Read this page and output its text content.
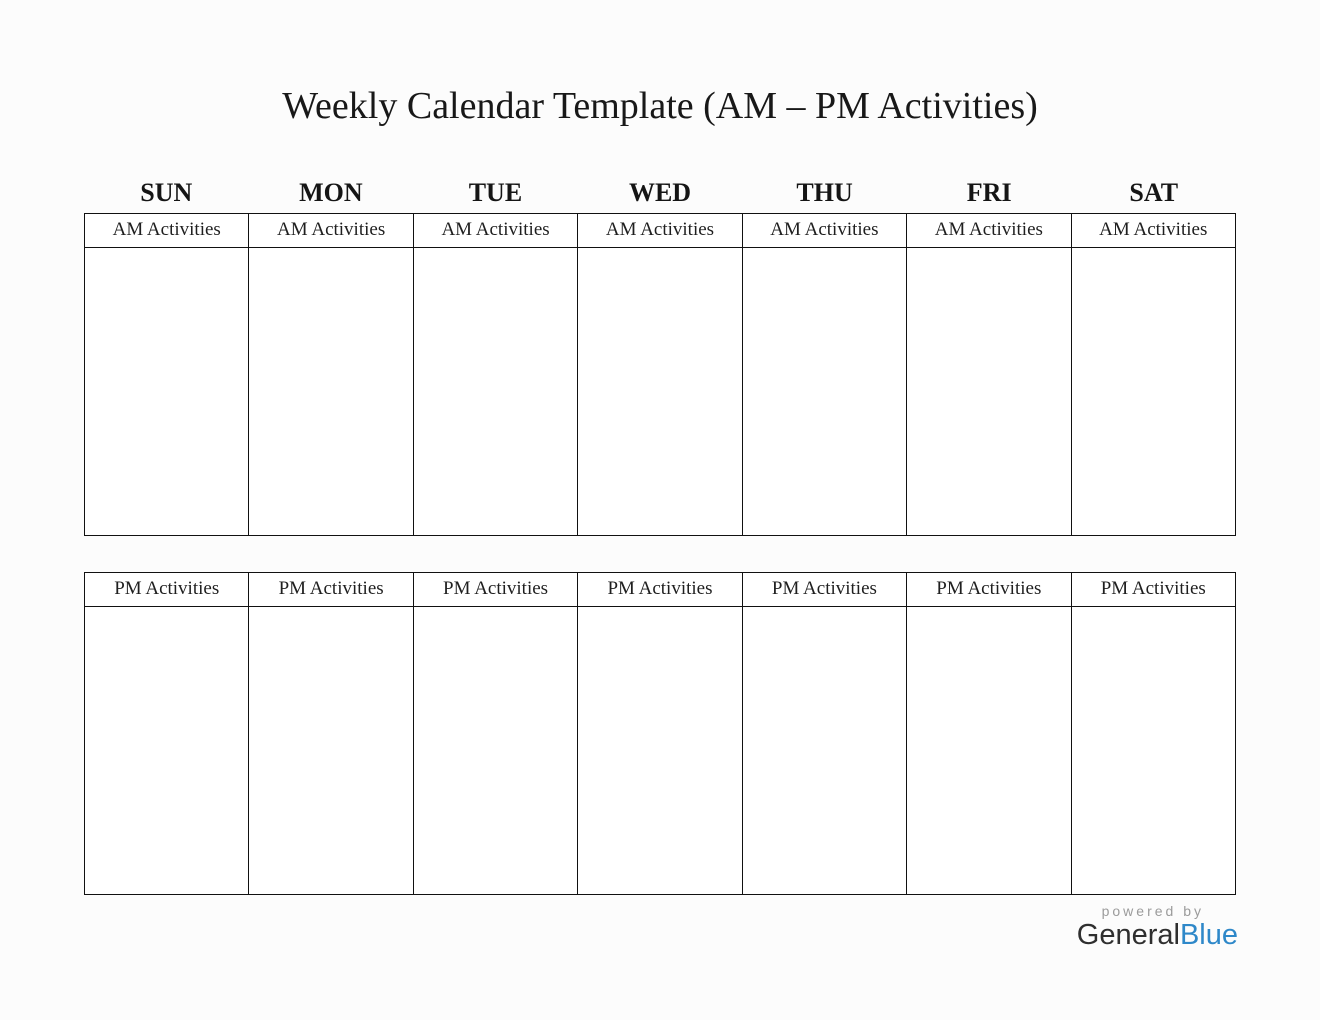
Weekly Calendar Template (AM – PM Activities)
SUN	MON	TUE	WED	THU	FRI	SAT
AM Activities	AM Activities	AM Activities	AM Activities	AM Activities	AM Activities	AM Activities

PM Activities	PM Activities	PM Activities	PM Activities	PM Activities	PM Activities	PM Activities

powered by
GeneralBlue
